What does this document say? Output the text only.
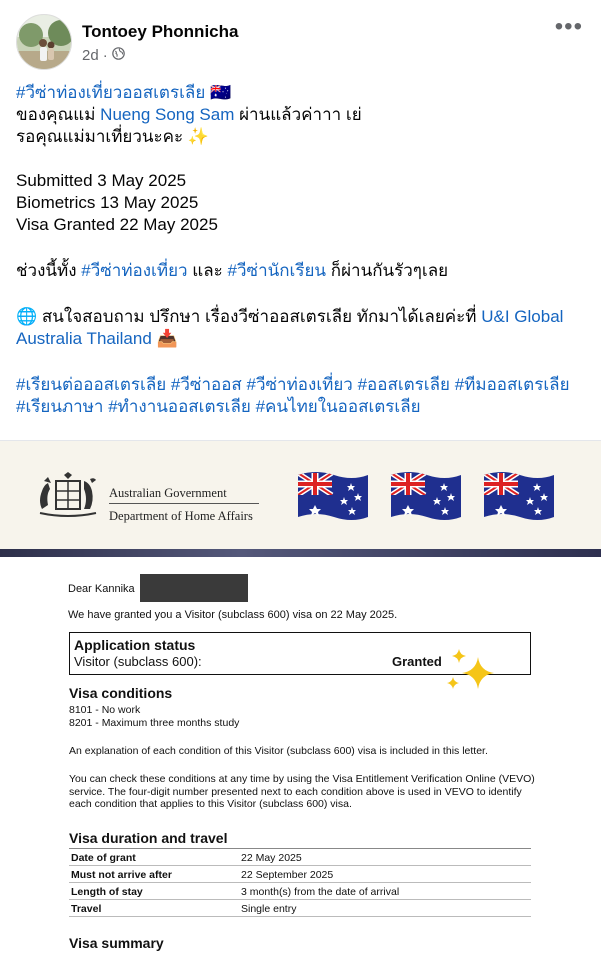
Tontoey Phonnicha
2d ·
•••
#วีซ่าท่องเที่ยวออสเตรเลีย 🇦🇺
ของคุณแม่ Nueng Song Sam ผ่านแล้วค่าาา เย่
รอคุณแม่มาเที่ยวนะคะ ✨
Submitted 3 May 2025
Biometrics 13 May 2025
Visa Granted 22 May 2025
ช่วงนี้ทั้ง #วีซ่าท่องเที่ยว และ #วีซ่านักเรียน ก็ผ่านกันรัวๆเลย
🌐 สนใจสอบถาม ปรึกษา เรื่องวีซ่าออสเตรเลีย ทักมาได้เลยค่ะที่ U&I Global
Australia Thailand 📥
#เรียนต่อออสเตรเลีย #วีซ่าออส #วีซ่าท่องเที่ยว #ออสเตรเลีย #ทีมออสเตรเลีย
#เรียนภาษา #ทำงานออสเตรเลีย #คนไทยในออสเตรเลีย
Australian Government
Department of Home Affairs
Dear Kannika
We have granted you a Visitor (subclass 600) visa on 22 May 2025.
Application status
Visitor (subclass 600):	Granted
Visa conditions
8101 - No work
8201 - Maximum three months study
An explanation of each condition of this Visitor (subclass 600) visa is included in this letter.
You can check these conditions at any time by using the Visa Entitlement Verification Online (VEVO) service. The four-digit number presented next to each condition above is used in VEVO to identify each condition that applies to this Visitor (subclass 600) visa.
Visa duration and travel
Date of grant	22 May 2025
Must not arrive after	22 September 2025
Length of stay	3 month(s) from the date of arrival
Travel	Single entry
Visa summary
